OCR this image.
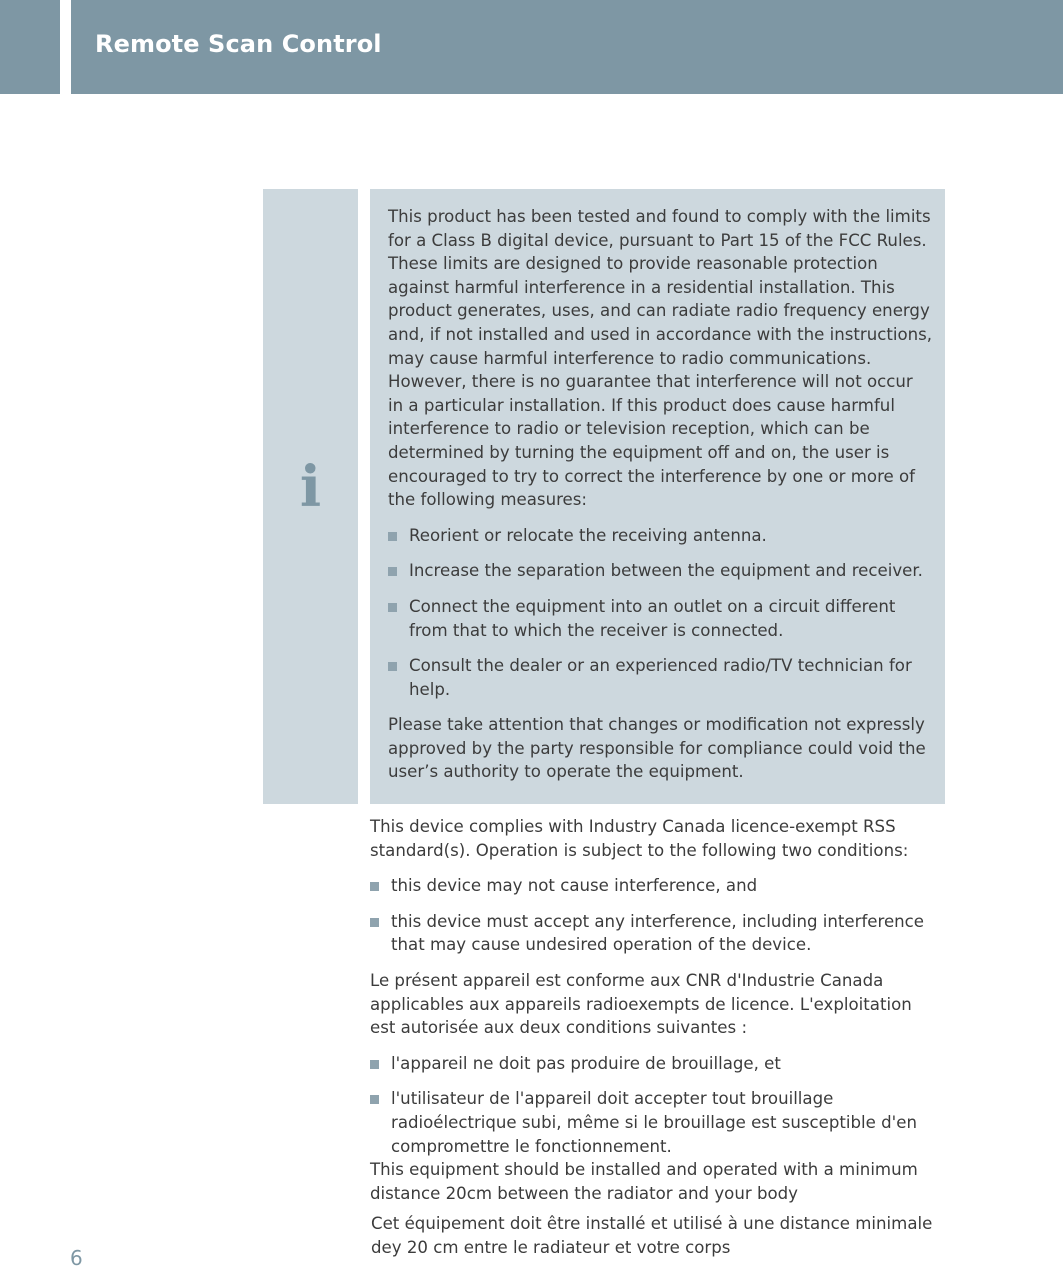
Remote Scan Control
i

This product has been tested and found to comply with the limits for a Class B digital device, pursuant to Part 15 of the FCC Rules. These limits are designed to provide reasonable protection against harmful interference in a residential installation. This product generates, uses, and can radiate radio frequency energy and, if not installed and used in accordance with the instructions, may cause harmful interference to radio communications. However, there is no guarantee that interference will not occur in a particular installation. If this product does cause harmful interference to radio or television reception, which can be determined by turning the equipment off and on, the user is encouraged to try to correct the interference by one or more of the following measures:

Reorient or relocate the receiving antenna.
Increase the separation between the equipment and receiver.
Connect the equipment into an outlet on a circuit different from that to which the receiver is connected.
Consult the dealer or an experienced radio/TV technician for help.

Please take attention that changes or modification not expressly approved by the party responsible for compliance could void the user’s authority to operate the equipment.

This device complies with Industry Canada licence-exempt RSS standard(s). Operation is subject to the following two conditions:

this device may not cause interference, and
this device must accept any interference, including interference that may cause undesired operation of the device.

Le présent appareil est conforme aux CNR d'Industrie Canada applicables aux appareils radioexempts de licence. L'exploitation est autorisée aux deux conditions suivantes :

l'appareil ne doit pas produire de brouillage, et
l'utilisateur de l'appareil doit accepter tout brouillage radioélectrique subi, même si le brouillage est susceptible d'en compromettre le fonctionnement.

This equipment should be installed and operated with a minimum distance 20cm between the radiator and your body

Cet équipement doit être installé et utilisé à une distance minimale dey 20 cm entre le radiateur et votre corps

6
